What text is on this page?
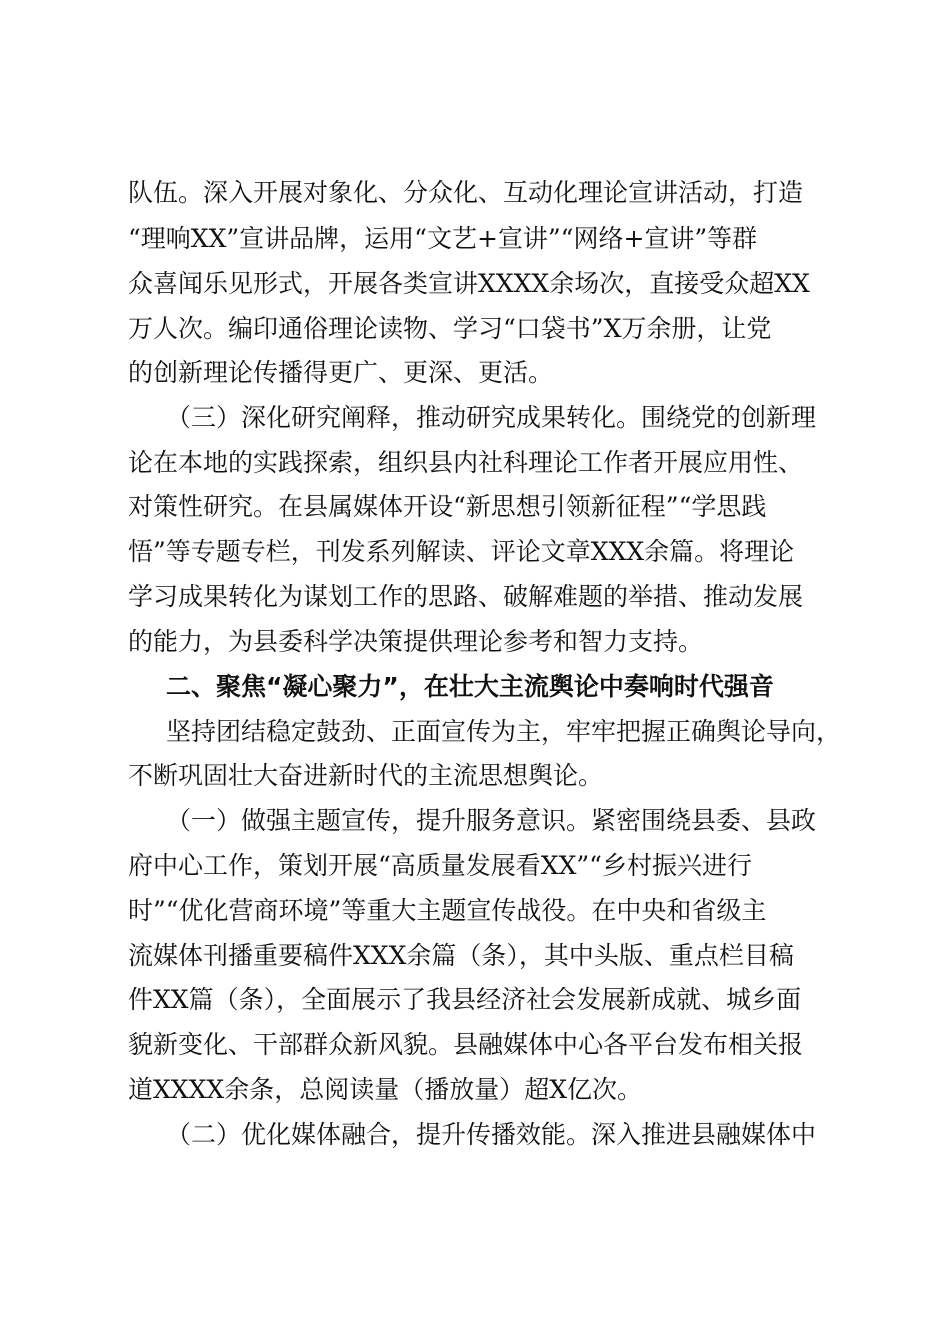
队伍。深入开展对象化、分众化、互动化理论宣讲活动，打造
“理响XX”宣讲品牌，运用“文艺+宣讲”“网络+宣讲”等群
众喜闻乐见形式，开展各类宣讲XXXX余场次，直接受众超XX
万人次。编印通俗理论读物、学习“口袋书”X万余册，让党
的创新理论传播得更广、更深、更活。
（三）深化研究阐释，推动研究成果转化。围绕党的创新理
论在本地的实践探索，组织县内社科理论工作者开展应用性、
对策性研究。在县属媒体开设“新思想引领新征程”“学思践
悟”等专题专栏，刊发系列解读、评论文章XXX余篇。将理论
学习成果转化为谋划工作的思路、破解难题的举措、推动发展
的能力，为县委科学决策提供理论参考和智力支持。
二、聚焦“凝心聚力”，在壮大主流舆论中奏响时代强音
坚持团结稳定鼓劲、正面宣传为主，牢牢把握正确舆论导向，
不断巩固壮大奋进新时代的主流思想舆论。
（一）做强主题宣传，提升服务意识。紧密围绕县委、县政
府中心工作，策划开展“高质量发展看XX”“乡村振兴进行
时”“优化营商环境”等重大主题宣传战役。在中央和省级主
流媒体刊播重要稿件XXX余篇（条），其中头版、重点栏目稿
件XX篇（条），全面展示了我县经济社会发展新成就、城乡面
貌新变化、干部群众新风貌。县融媒体中心各平台发布相关报
道XXXX余条，总阅读量（播放量）超X亿次。
（二）优化媒体融合，提升传播效能。深入推进县融媒体中
